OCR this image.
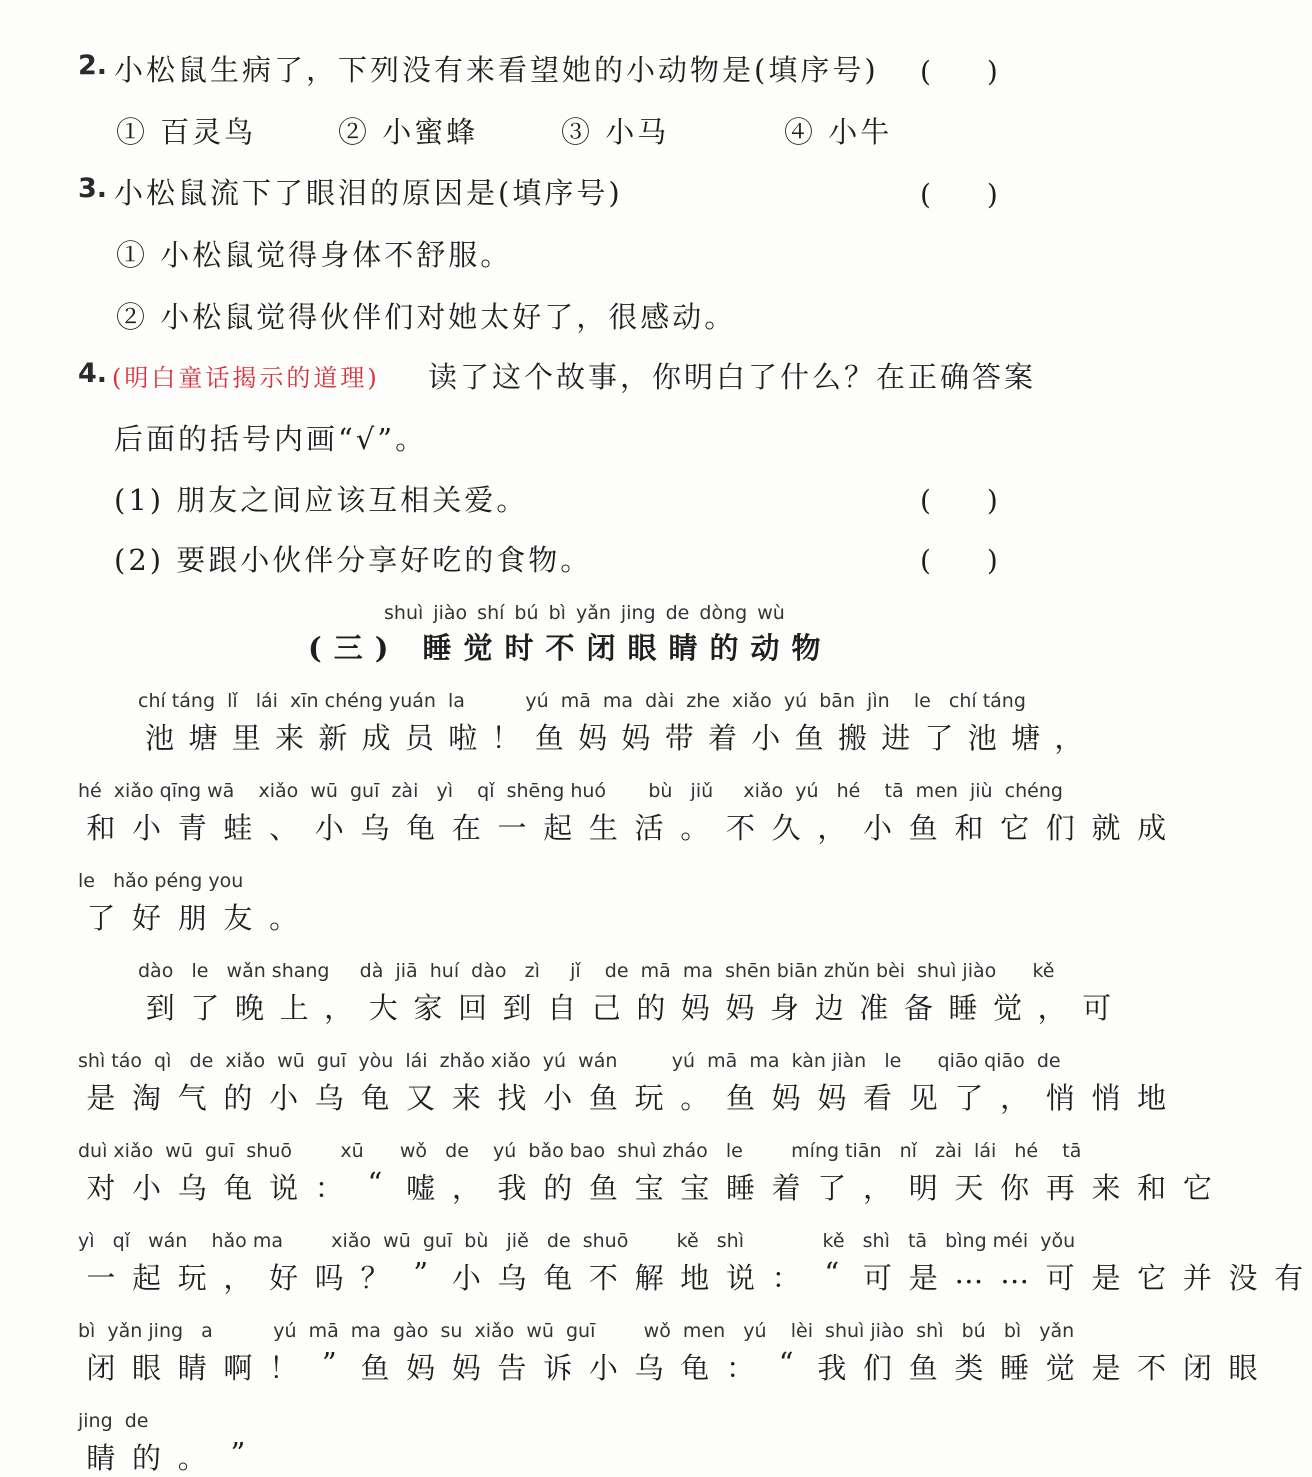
2. 小松鼠生病了，下列没有来看望她的小动物是(填序号) (　　)
① 百灵鸟	② 小蜜蜂	③ 小马	④ 小牛
3. 小松鼠流下了眼泪的原因是(填序号)	(　　)
① 小松鼠觉得身体不舒服。
② 小松鼠觉得伙伴们对她太好了，很感动。
4. (明白童话揭示的道理) 读了这个故事，你明白了什么？在正确答案
后面的括号内画“√”。
(1) 朋友之间应该互相关爱。	(　　)
(2) 要跟小伙伴分享好吃的食物。	(　　)
shuì jiào shí bú bì yǎn jing de dòng wù
(三) 睡觉时不闭眼睛的动物
chí táng  lǐ   lái  xīn chéng yuán  la          yú  mā  ma  dài  zhe  xiǎo  yú  bān  jìn    le   chí táng
池 塘 里 来 新 成 员 啦 ！ 鱼 妈 妈 带 着 小 鱼 搬 进 了 池 塘 ，
hé  xiǎo qīng wā    xiǎo  wū  guī  zài   yì    qǐ  shēng huó       bù   jiǔ     xiǎo  yú   hé    tā  men  jiù  chéng
和 小 青 蛙 、 小 乌 龟 在 一 起 生 活 。 不 久 ， 小 鱼 和 它 们 就 成
le   hǎo péng you
了 好 朋 友 。
dào   le   wǎn shang     dà  jiā  huí  dào   zì     jǐ    de  mā  ma  shēn biān zhǔn bèi  shuì jiào      kě
到 了 晚 上 ， 大 家 回 到 自 己 的 妈 妈 身 边 准 备 睡 觉 ， 可
shì táo  qì   de  xiǎo  wū  guī  yòu  lái  zhǎo xiǎo  yú  wán         yú  mā  ma  kàn jiàn   le      qiāo qiāo  de
是 淘 气 的 小 乌 龟 又 来 找 小 鱼 玩 。 鱼 妈 妈 看 见 了 ， 悄 悄 地
duì xiǎo  wū  guī  shuō        xū      wǒ   de    yú  bǎo bao  shuì zháo   le        míng tiān   nǐ   zài  lái   hé    tā
对 小 乌 龟 说 ： “ 嘘 ， 我 的 鱼 宝 宝 睡 着 了 ， 明 天 你 再 来 和 它
yì   qǐ   wán    hǎo ma        xiǎo  wū  guī  bù   jiě   de  shuō        kě   shì             kě   shì   tā   bìng méi  yǒu
一 起 玩 ， 好 吗 ？ ” 小 乌 龟 不 解 地 说 ： “ 可 是 … … 可 是 它 并 没 有
bì  yǎn jing   a          yú  mā  ma  gào  su  xiǎo  wū  guī        wǒ  men   yú    lèi  shuì jiào  shì   bú   bì   yǎn
闭 眼 睛 啊 ！ ” 鱼 妈 妈 告 诉 小 乌 龟 ： “ 我 们 鱼 类 睡 觉 是 不 闭 眼
jing  de
睛 的 。 ”
